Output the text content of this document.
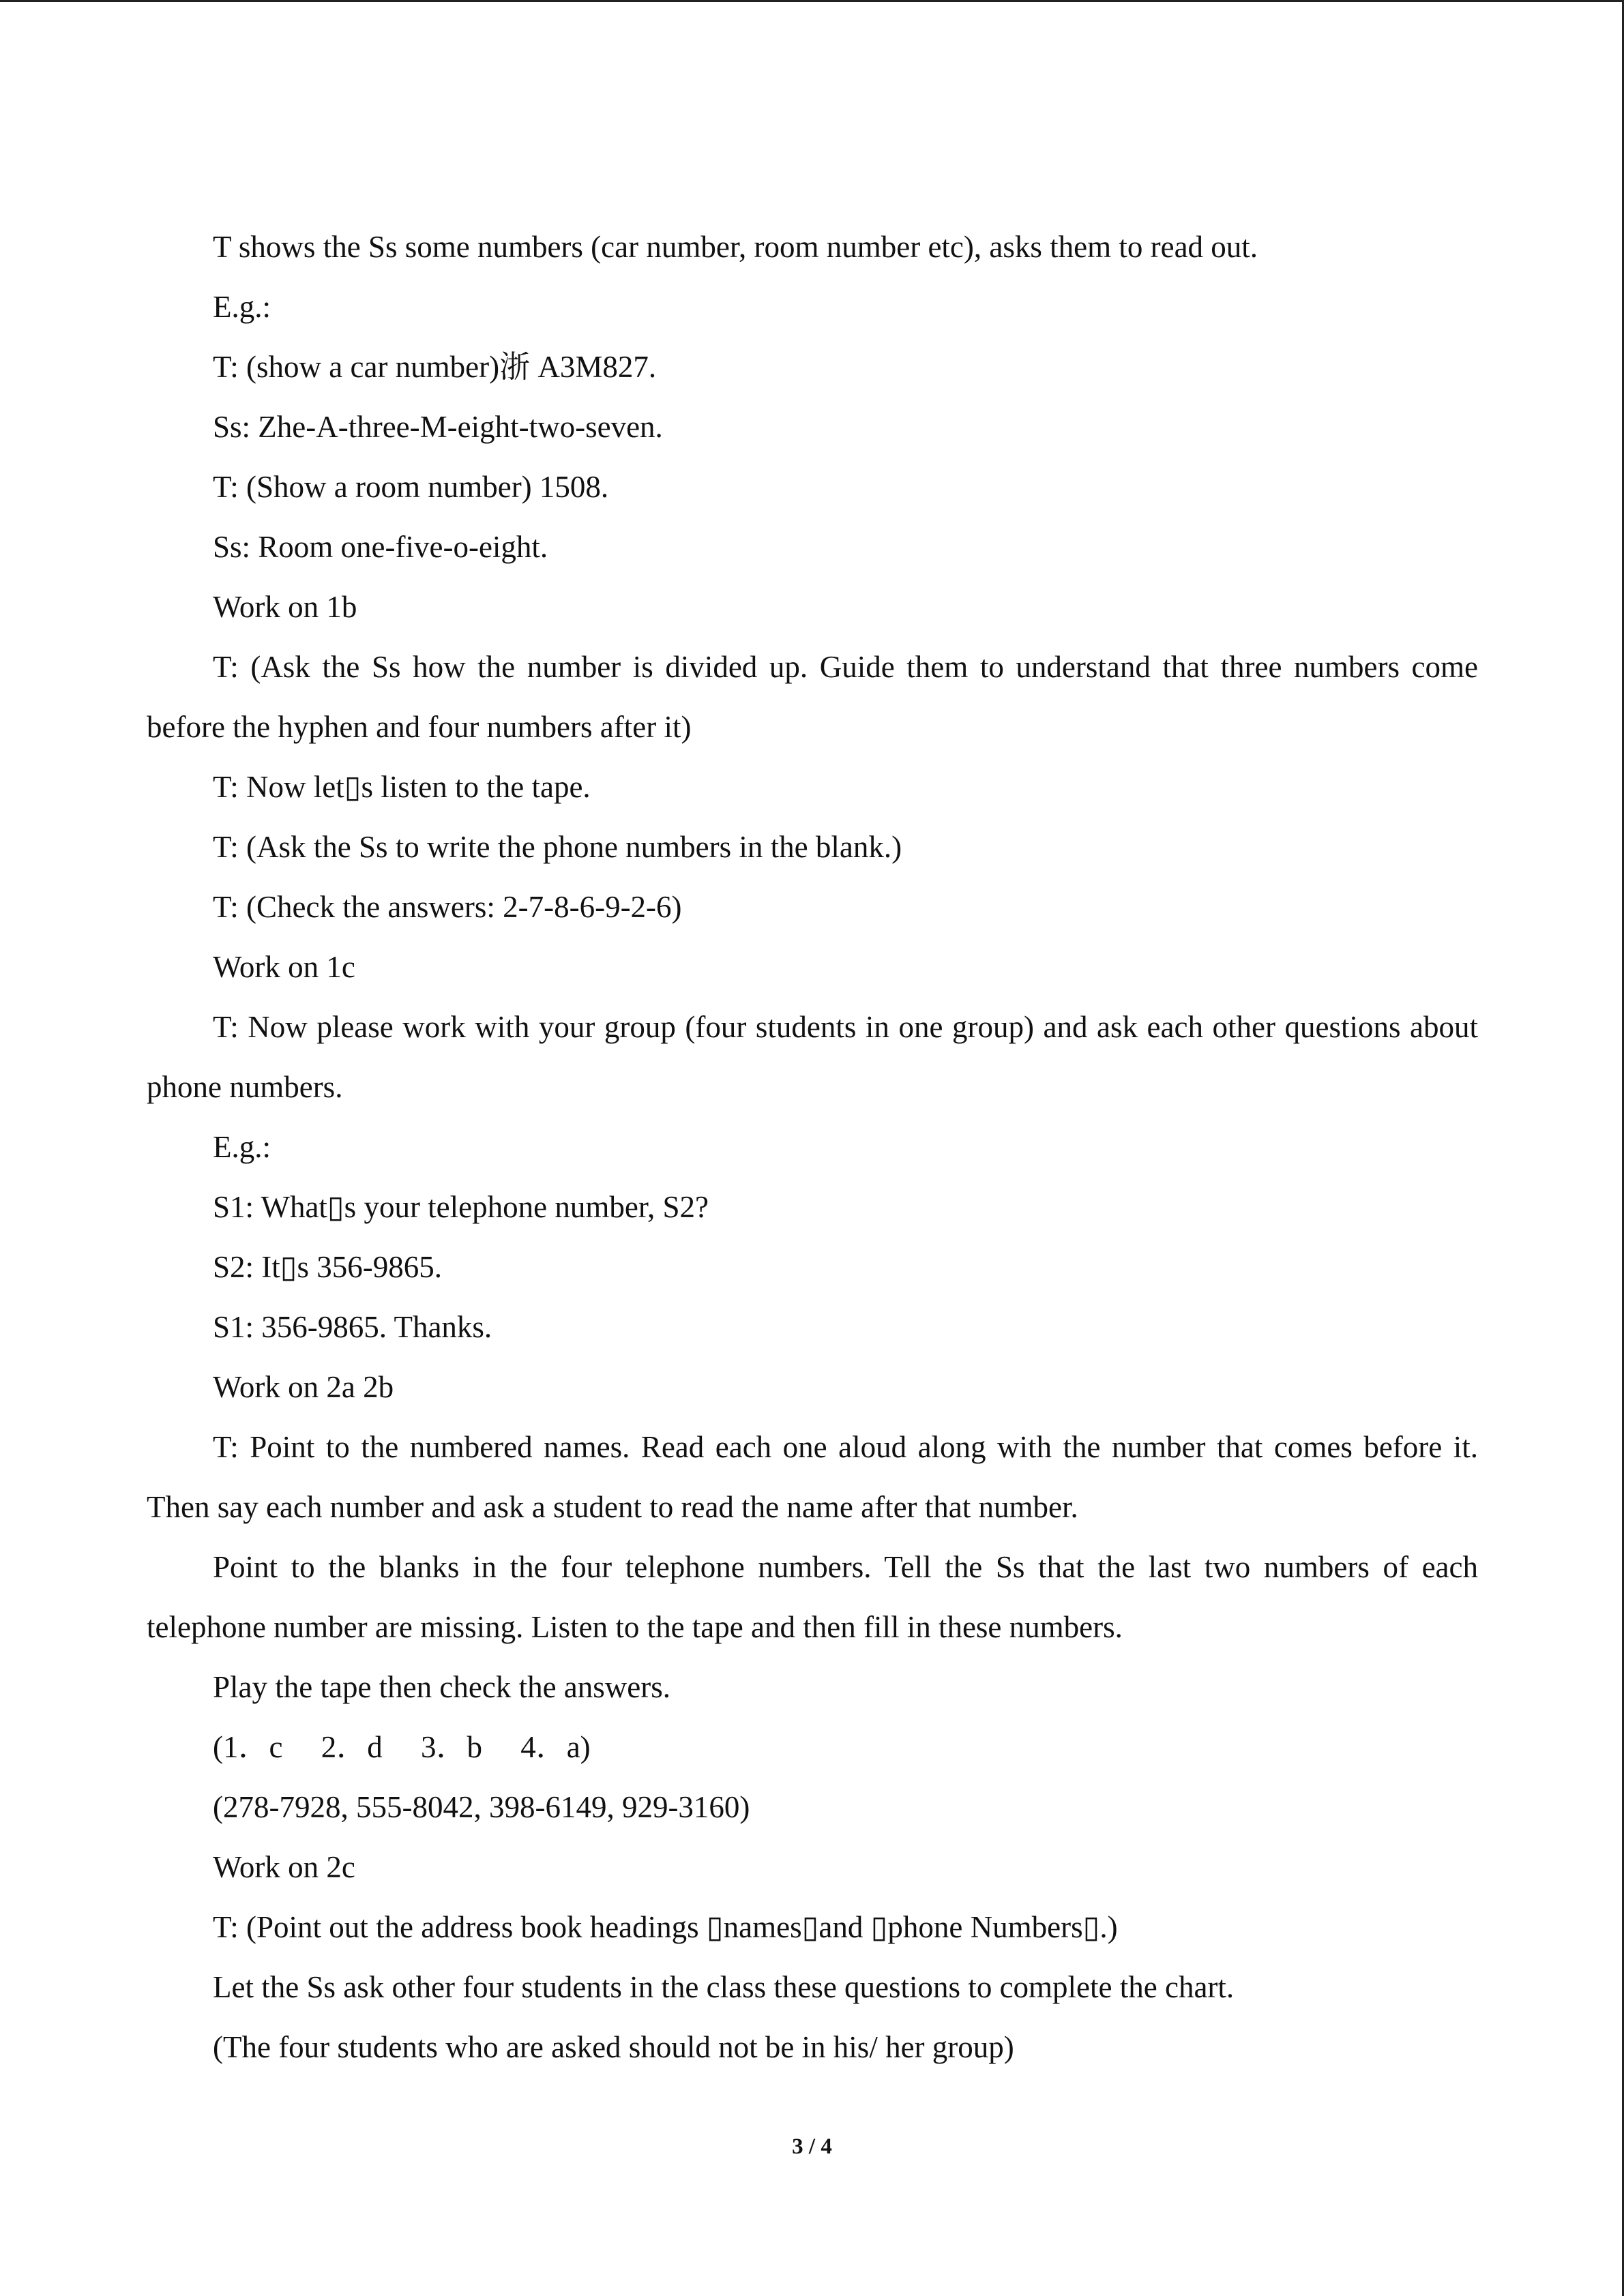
T shows the Ss some numbers (car number, room number etc), asks them to read out.

E.g.:

T: (show a car number)浙 A3M827.

Ss: Zhe-A-three-M-eight-two-seven.

T: (Show a room number) 1508.

Ss: Room one-five-o-eight.

Work on 1b

T: (Ask the Ss how the number is divided up. Guide them to understand that three numbers come before the hyphen and four numbers after it)

T: Now let▯s listen to the tape.

T: (Ask the Ss to write the phone numbers in the blank.)

T: (Check the answers: 2-7-8-6-9-2-6)

Work on 1c

T: Now please work with your group (four students in one group) and ask each other questions about phone numbers.

E.g.:

S1: What▯s your telephone number, S2?

S2: It▯s 356-9865.

S1: 356-9865. Thanks.

Work on 2a 2b

T: Point to the numbered names. Read each one aloud along with the number that comes before it. Then say each number and ask a student to read the name after that number.

Point to the blanks in the four telephone numbers. Tell the Ss that the last two numbers of each telephone number are missing. Listen to the tape and then fill in these numbers.

Play the tape then check the answers.

(1．c  2．d  3．b  4．a)

(278-7928, 555-8042, 398-6149, 929-3160)

Work on 2c

T: (Point out the address book headings ▯names▯and ▯phone Numbers▯.)

Let the Ss ask other four students in the class these questions to complete the chart.

(The four students who are asked should not be in his/ her group)

3 / 4
